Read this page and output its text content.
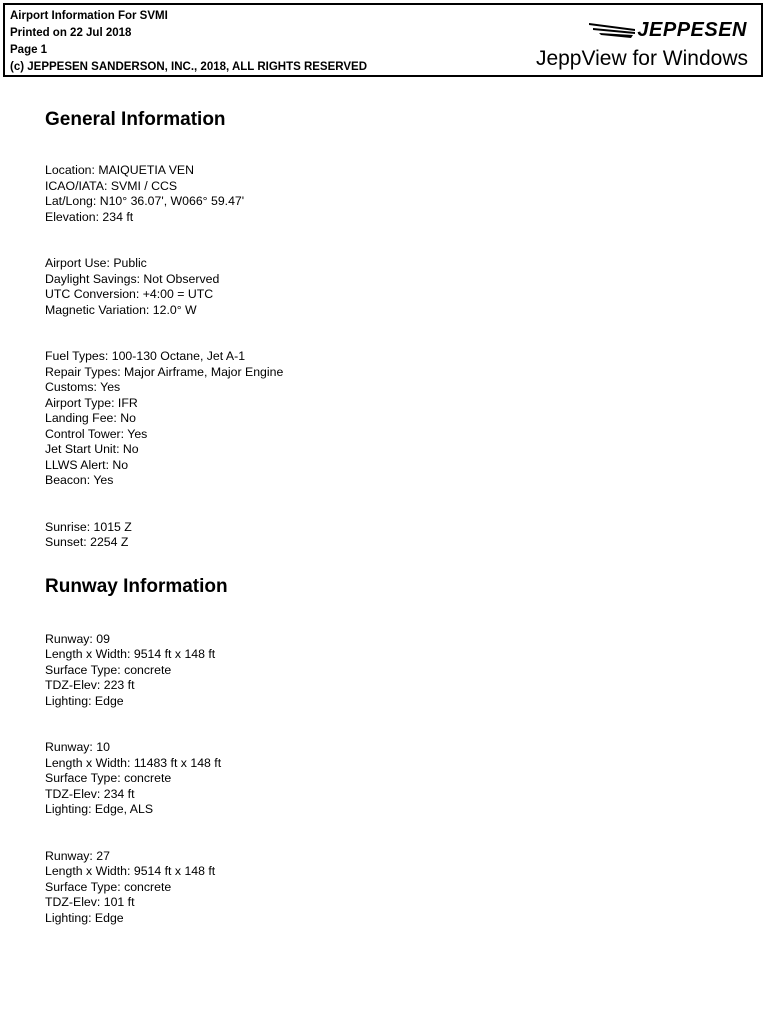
Airport Information For SVMI
Printed on 22 Jul 2018
Page 1
(c) JEPPESEN SANDERSON, INC., 2018, ALL RIGHTS RESERVED
JEPPESEN
JeppView for Windows
General Information
Location: MAIQUETIA VEN
ICAO/IATA: SVMI / CCS
Lat/Long: N10° 36.07', W066° 59.47'
Elevation: 234 ft
Airport Use: Public
Daylight Savings: Not Observed
UTC Conversion: +4:00 = UTC
Magnetic Variation: 12.0° W
Fuel Types: 100-130 Octane, Jet A-1
Repair Types: Major Airframe, Major Engine
Customs: Yes
Airport Type: IFR
Landing Fee: No
Control Tower: Yes
Jet Start Unit: No
LLWS Alert: No
Beacon: Yes
Sunrise: 1015 Z
Sunset: 2254 Z
Runway Information
Runway: 09
Length x Width: 9514 ft x 148 ft
Surface Type: concrete
TDZ-Elev: 223 ft
Lighting: Edge
Runway: 10
Length x Width: 11483 ft x 148 ft
Surface Type: concrete
TDZ-Elev: 234 ft
Lighting: Edge, ALS
Runway: 27
Length x Width: 9514 ft x 148 ft
Surface Type: concrete
TDZ-Elev: 101 ft
Lighting: Edge
